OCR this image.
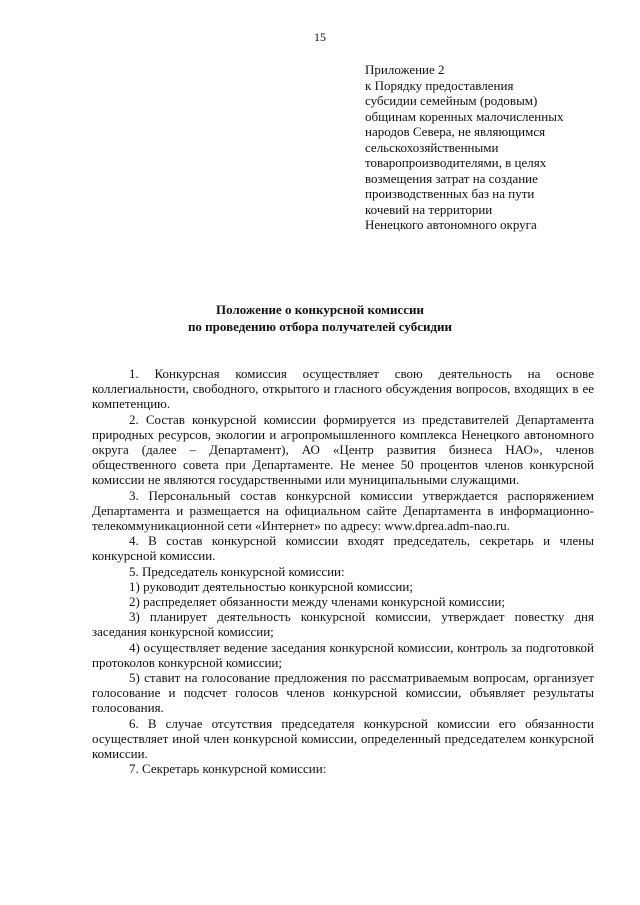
15
Приложение 2
к Порядку предоставления
субсидии семейным (родовым)
общинам коренных малочисленных
народов Севера, не являющимся
сельскохозяйственными
товаропроизводителями, в целях
возмещения затрат на создание
производственных баз на пути
кочевий на территории
Ненецкого автономного округа
Положение о конкурсной комиссии
по проведению отбора получателей субсидии

1. Конкурсная комиссия осуществляет свою деятельность на основе коллегиальности, свободного, открытого и гласного обсуждения вопросов, входящих в ее компетенцию.

2. Состав конкурсной комиссии формируется из представителей Департамента природных ресурсов, экологии и агропромышленного комплекса Ненецкого автономного округа (далее – Департамент), АО «Центр развития бизнеса НАО», членов общественного совета при Департаменте. Не менее 50 процентов членов конкурсной комиссии не являются государственными или муниципальными служащими.

3. Персональный состав конкурсной комиссии утверждается распоряжением Департамента и размещается на официальном сайте Департамента в информационно-телекоммуникационной сети «Интернет» по адресу: www.dprea.adm-nao.ru.

4. В состав конкурсной комиссии входят председатель, секретарь и члены конкурсной комиссии.

5. Председатель конкурсной комиссии:

1) руководит деятельностью конкурсной комиссии;

2) распределяет обязанности между членами конкурсной комиссии;

3) планирует деятельность конкурсной комиссии, утверждает повестку дня заседания конкурсной комиссии;

4) осуществляет ведение заседания конкурсной комиссии, контроль за подготовкой протоколов конкурсной комиссии;

5) ставит на голосование предложения по рассматриваемым вопросам, организует голосование и подсчет голосов членов конкурсной комиссии, объявляет результаты голосования.

6. В случае отсутствия председателя конкурсной комиссии его обязанности осуществляет иной член конкурсной комиссии, определенный председателем конкурсной комиссии.

7. Секретарь конкурсной комиссии:
